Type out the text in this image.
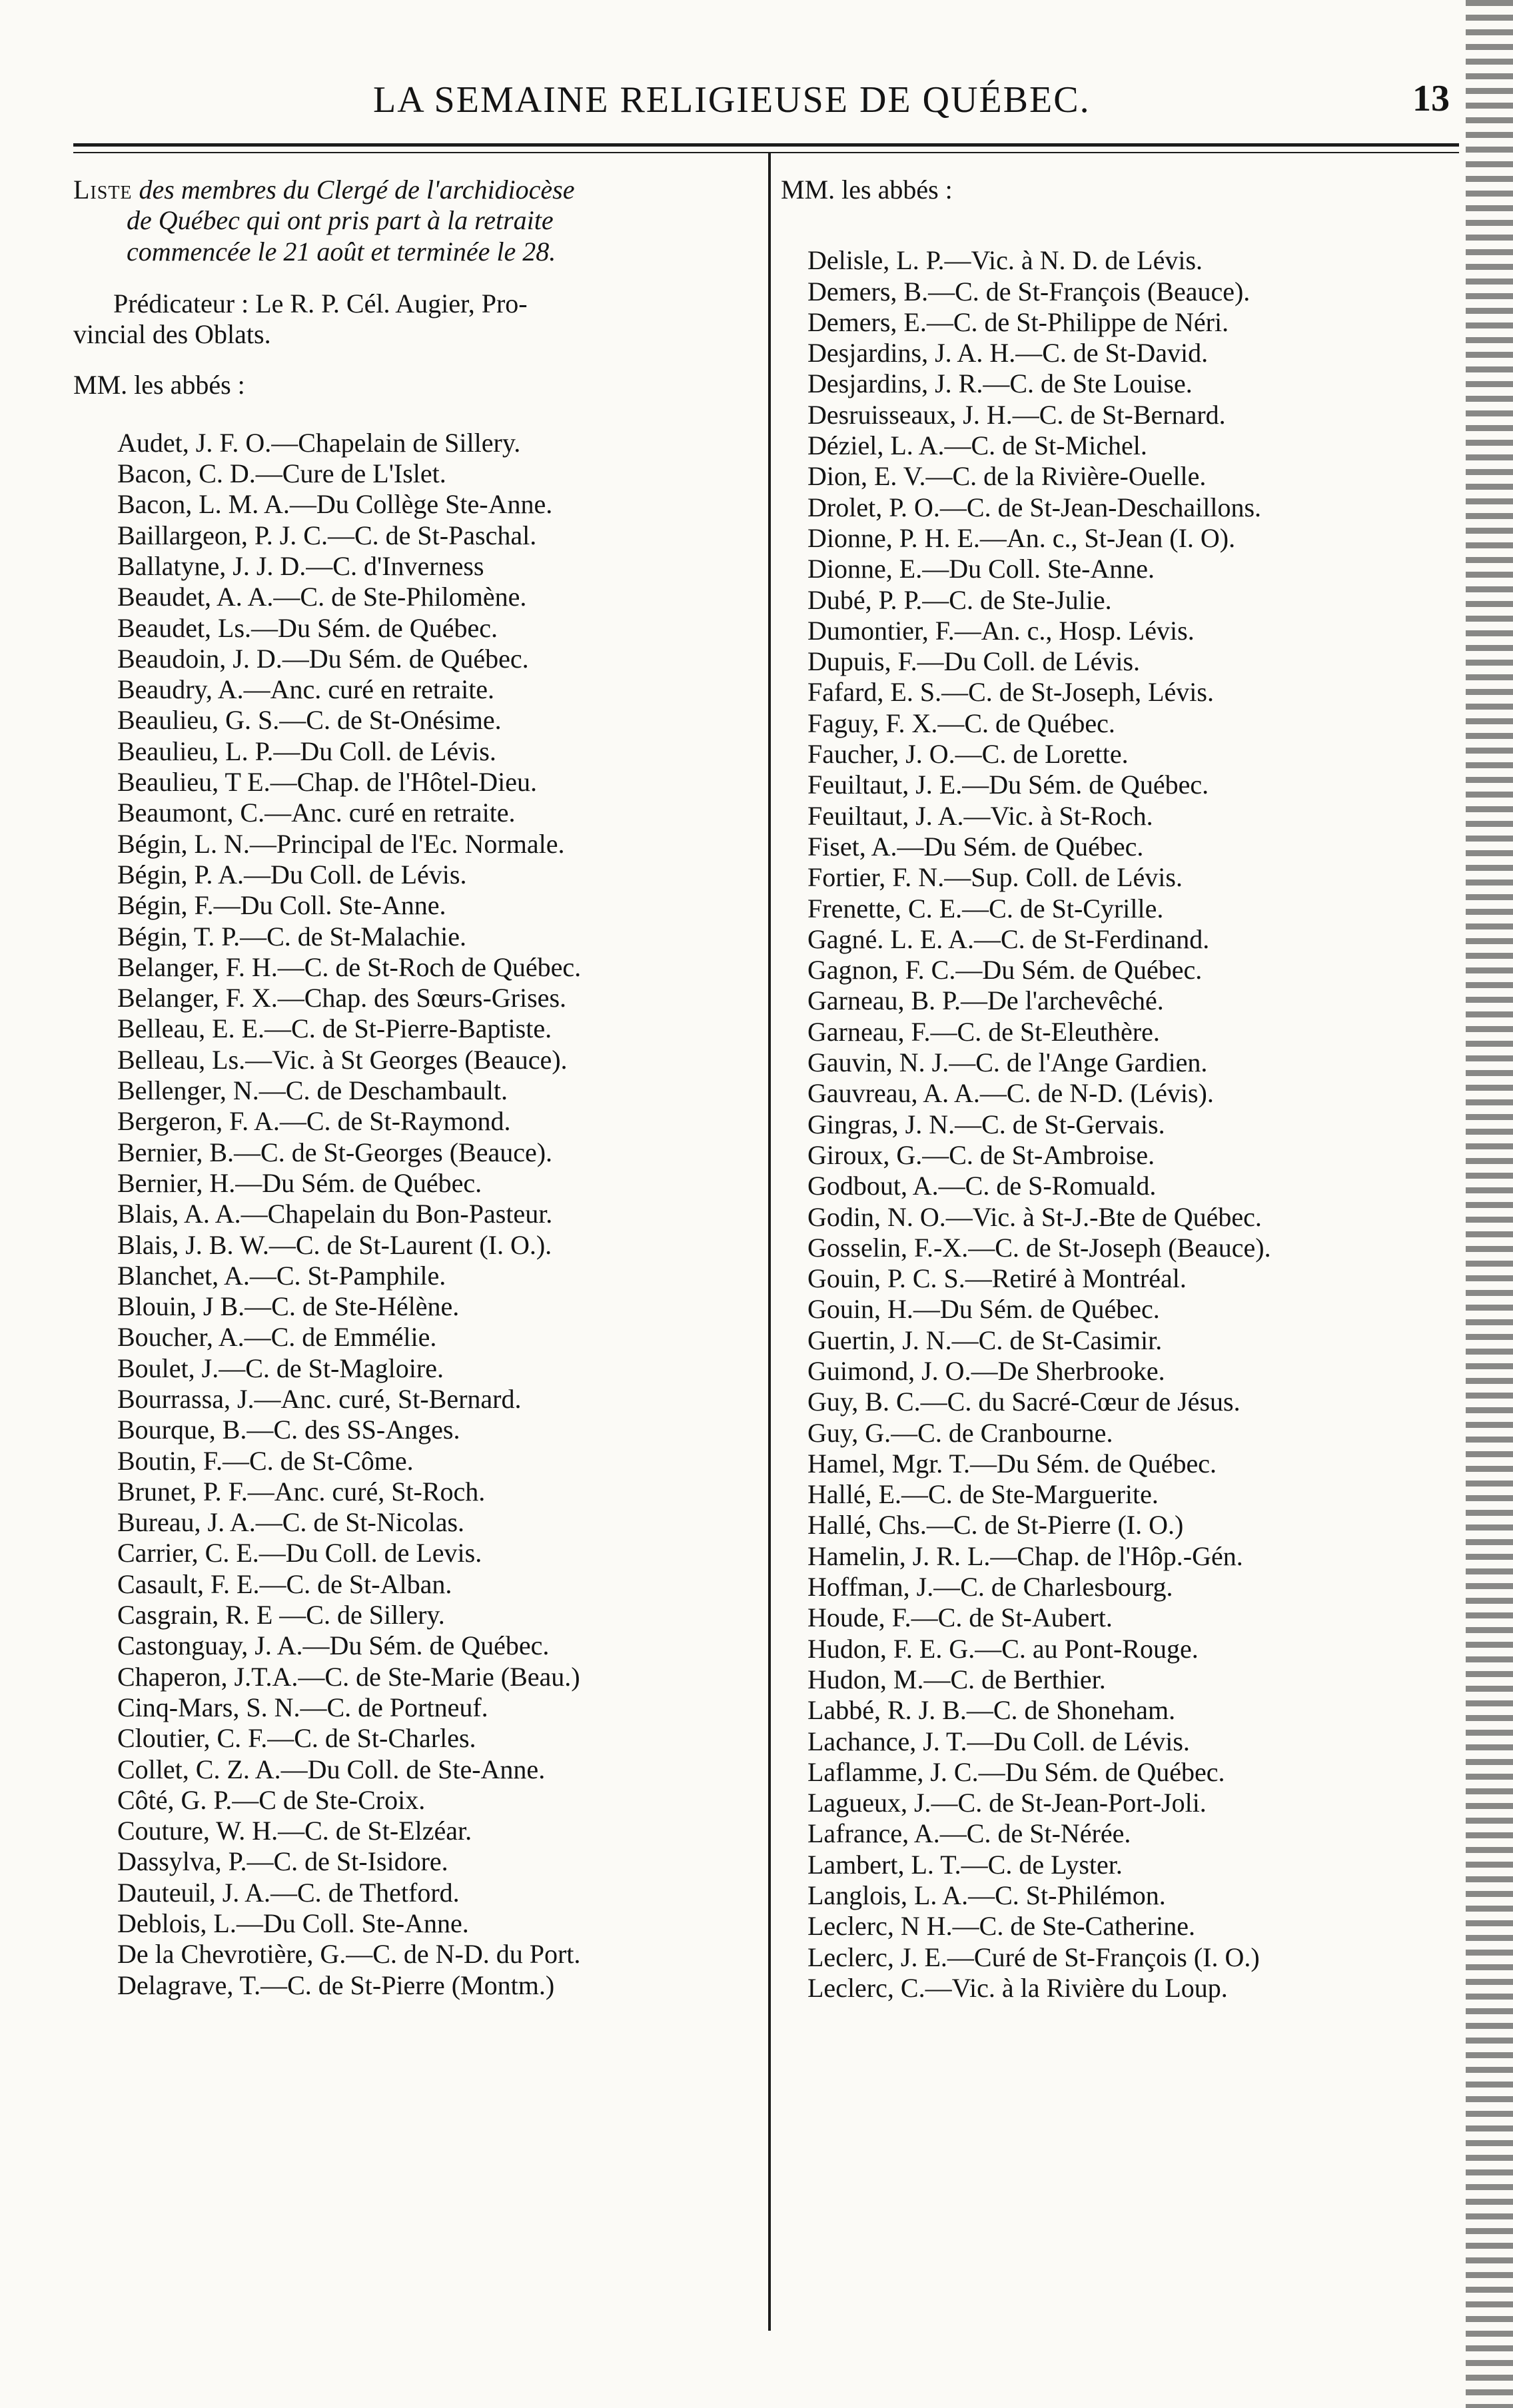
LA SEMAINE RELIGIEUSE DE QUÉBEC.	13
Liste des membres du Clergé de l'archidiocèse
de Québec qui ont pris part à la retraite
commencée le 21 août et terminée le 28.
Prédicateur : Le R. P. Cél. Augier, Pro-
vincial des Oblats.
MM. les abbés :
Audet, J. F. O.—Chapelain de Sillery.
Bacon, C. D.—Cure de L'Islet.
Bacon, L. M. A.—Du Collège Ste-Anne.
Baillargeon, P. J. C.—C. de St-Paschal.
Ballatyne, J. J. D.—C. d'Inverness
Beaudet, A. A.—C. de Ste-Philomène.
Beaudet, Ls.—Du Sém. de Québec.
Beaudoin, J. D.—Du Sém. de Québec.
Beaudry, A.—Anc. curé en retraite.
Beaulieu, G. S.—C. de St-Onésime.
Beaulieu, L. P.—Du Coll. de Lévis.
Beaulieu, T E.—Chap. de l'Hôtel-Dieu.
Beaumont, C.—Anc. curé en retraite.
Bégin, L. N.—Principal de l'Ec. Normale.
Bégin, P. A.—Du Coll. de Lévis.
Bégin, F.—Du Coll. Ste-Anne.
Bégin, T. P.—C. de St-Malachie.
Belanger, F. H.—C. de St-Roch de Québec.
Belanger, F. X.—Chap. des Sœurs-Grises.
Belleau, E. E.—C. de St-Pierre-Baptiste.
Belleau, Ls.—Vic. à St Georges (Beauce).
Bellenger, N.—C. de Deschambault.
Bergeron, F. A.—C. de St-Raymond.
Bernier, B.—C. de St-Georges (Beauce).
Bernier, H.—Du Sém. de Québec.
Blais, A. A.—Chapelain du Bon-Pasteur.
Blais, J. B. W.—C. de St-Laurent (I. O.).
Blanchet, A.—C. St-Pamphile.
Blouin, J B.—C. de Ste-Hélène.
Boucher, A.—C. de Emmélie.
Boulet, J.—C. de St-Magloire.
Bourrassa, J.—Anc. curé, St-Bernard.
Bourque, B.—C. des SS-Anges.
Boutin, F.—C. de St-Côme.
Brunet, P. F.—Anc. curé, St-Roch.
Bureau, J. A.—C. de St-Nicolas.
Carrier, C. E.—Du Coll. de Levis.
Casault, F. E.—C. de St-Alban.
Casgrain, R. E —C. de Sillery.
Castonguay, J. A.—Du Sém. de Québec.
Chaperon, J.T.A.—C. de Ste-Marie (Beau.)
Cinq-Mars, S. N.—C. de Portneuf.
Cloutier, C. F.—C. de St-Charles.
Collet, C. Z. A.—Du Coll. de Ste-Anne.
Côté, G. P.—C de Ste-Croix.
Couture, W. H.—C. de St-Elzéar.
Dassylva, P.—C. de St-Isidore.
Dauteuil, J. A.—C. de Thetford.
Deblois, L.—Du Coll. Ste-Anne.
De la Chevrotière, G.—C. de N-D. du Port.
Delagrave, T.—C. de St-Pierre (Montm.)
MM. les abbés :
Delisle, L. P.—Vic. à N. D. de Lévis.
Demers, B.—C. de St-François (Beauce).
Demers, E.—C. de St-Philippe de Néri.
Desjardins, J. A. H.—C. de St-David.
Desjardins, J. R.—C. de Ste Louise.
Desruisseaux, J. H.—C. de St-Bernard.
Déziel, L. A.—C. de St-Michel.
Dion, E. V.—C. de la Rivière-Ouelle.
Drolet, P. O.—C. de St-Jean-Deschaillons.
Dionne, P. H. E.—An. c., St-Jean (I. O).
Dionne, E.—Du Coll. Ste-Anne.
Dubé, P. P.—C. de Ste-Julie.
Dumontier, F.—An. c., Hosp. Lévis.
Dupuis, F.—Du Coll. de Lévis.
Fafard, E. S.—C. de St-Joseph, Lévis.
Faguy, F. X.—C. de Québec.
Faucher, J. O.—C. de Lorette.
Feuiltaut, J. E.—Du Sém. de Québec.
Feuiltaut, J. A.—Vic. à St-Roch.
Fiset, A.—Du Sém. de Québec.
Fortier, F. N.—Sup. Coll. de Lévis.
Frenette, C. E.—C. de St-Cyrille.
Gagné. L. E. A.—C. de St-Ferdinand.
Gagnon, F. C.—Du Sém. de Québec.
Garneau, B. P.—De l'archevêché.
Garneau, F.—C. de St-Eleuthère.
Gauvin, N. J.—C. de l'Ange Gardien.
Gauvreau, A. A.—C. de N-D. (Lévis).
Gingras, J. N.—C. de St-Gervais.
Giroux, G.—C. de St-Ambroise.
Godbout, A.—C. de S-Romuald.
Godin, N. O.—Vic. à St-J.-Bte de Québec.
Gosselin, F.-X.—C. de St-Joseph (Beauce).
Gouin, P. C. S.—Retiré à Montréal.
Gouin, H.—Du Sém. de Québec.
Guertin, J. N.—C. de St-Casimir.
Guimond, J. O.—De Sherbrooke.
Guy, B. C.—C. du Sacré-Cœur de Jésus.
Guy, G.—C. de Cranbourne.
Hamel, Mgr. T.—Du Sém. de Québec.
Hallé, E.—C. de Ste-Marguerite.
Hallé, Chs.—C. de St-Pierre (I. O.)
Hamelin, J. R. L.—Chap. de l'Hôp.-Gén.
Hoffman, J.—C. de Charlesbourg.
Houde, F.—C. de St-Aubert.
Hudon, F. E. G.—C. au Pont-Rouge.
Hudon, M.—C. de Berthier.
Labbé, R. J. B.—C. de Shoneham.
Lachance, J. T.—Du Coll. de Lévis.
Laflamme, J. C.—Du Sém. de Québec.
Lagueux, J.—C. de St-Jean-Port-Joli.
Lafrance, A.—C. de St-Nérée.
Lambert, L. T.—C. de Lyster.
Langlois, L. A.—C. St-Philémon.
Leclerc, N H.—C. de Ste-Catherine.
Leclerc, J. E.—Curé de St-François (I. O.)
Leclerc, C.—Vic. à la Rivière du Loup.
